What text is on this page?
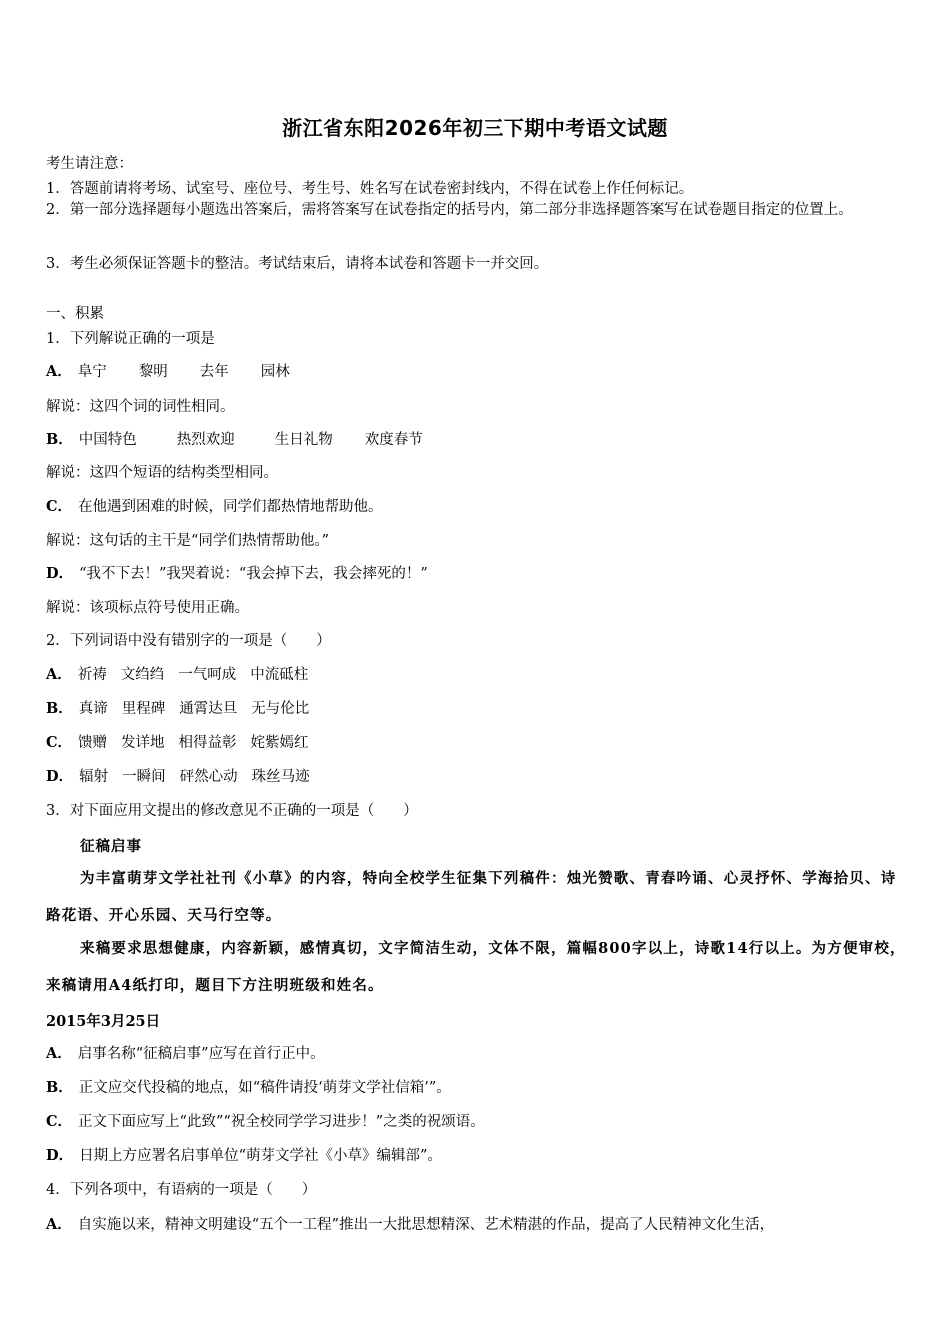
浙江省东阳2026年初三下期中考语文试题
考生请注意：
1．答题前请将考场、试室号、座位号、考生号、姓名写在试卷密封线内，不得在试卷上作任何标记。
2．第一部分选择题每小题选出答案后，需将答案写在试卷指定的括号内，第二部分非选择题答案写在试卷题目指定的位置上。
3．考生必须保证答题卡的整洁。考试结束后，请将本试卷和答题卡一并交回。
一、积累
1．下列解说正确的一项是
A． 阜宁 黎明 去年 园林
解说：这四个词的词性相同。
B． 中国特色	热烈欢迎	生日礼物 欢度春节
解说：这四个短语的结构类型相同。
C． 在他遇到困难的时候，同学们都热情地帮助他。
解说：这句话的主干是“同学们热情帮助他。”
D． “我不下去！”我哭着说：“我会掉下去，我会摔死的！”
解说：该项标点符号使用正确。
2．下列词语中没有错别字的一项是（　　）
A． 祈祷 文绉绉 一气呵成 中流砥柱
B． 真谛 里程碑 通霄达旦 无与伦比
C． 馈赠 发详地 相得益彰 姹紫嫣红
D． 辐射 一瞬间 砰然心动 珠丝马迹
3．对下面应用文提出的修改意见不正确的一项是（　　）
征稿启事
为丰富萌芽文学社社刊《小草》的内容，特向全校学生征集下列稿件：烛光赞歌、青春吟诵、心灵抒怀、学海拾贝、诗路花语、开心乐园、天马行空等。
来稿要求思想健康，内容新颖，感情真切，文字简洁生动，文体不限，篇幅800字以上，诗歌14行以上。为方便审校，来稿请用A4纸打印，题目下方注明班级和姓名。
2015年3月25日
A． 启事名称“征稿启事”应写在首行正中。
B． 正文应交代投稿的地点，如“稿件请投‘萌芽文学社信箱’”。
C． 正文下面应写上“此致”“祝全校同学学习进步！”之类的祝颂语。
D． 日期上方应署名启事单位“萌芽文学社《小草》编辑部”。
4．下列各项中，有语病的一项是（　　）
A． 自实施以来，精神文明建设“五个一工程”推出一大批思想精深、艺术精湛的作品，提高了人民精神文化生活，
